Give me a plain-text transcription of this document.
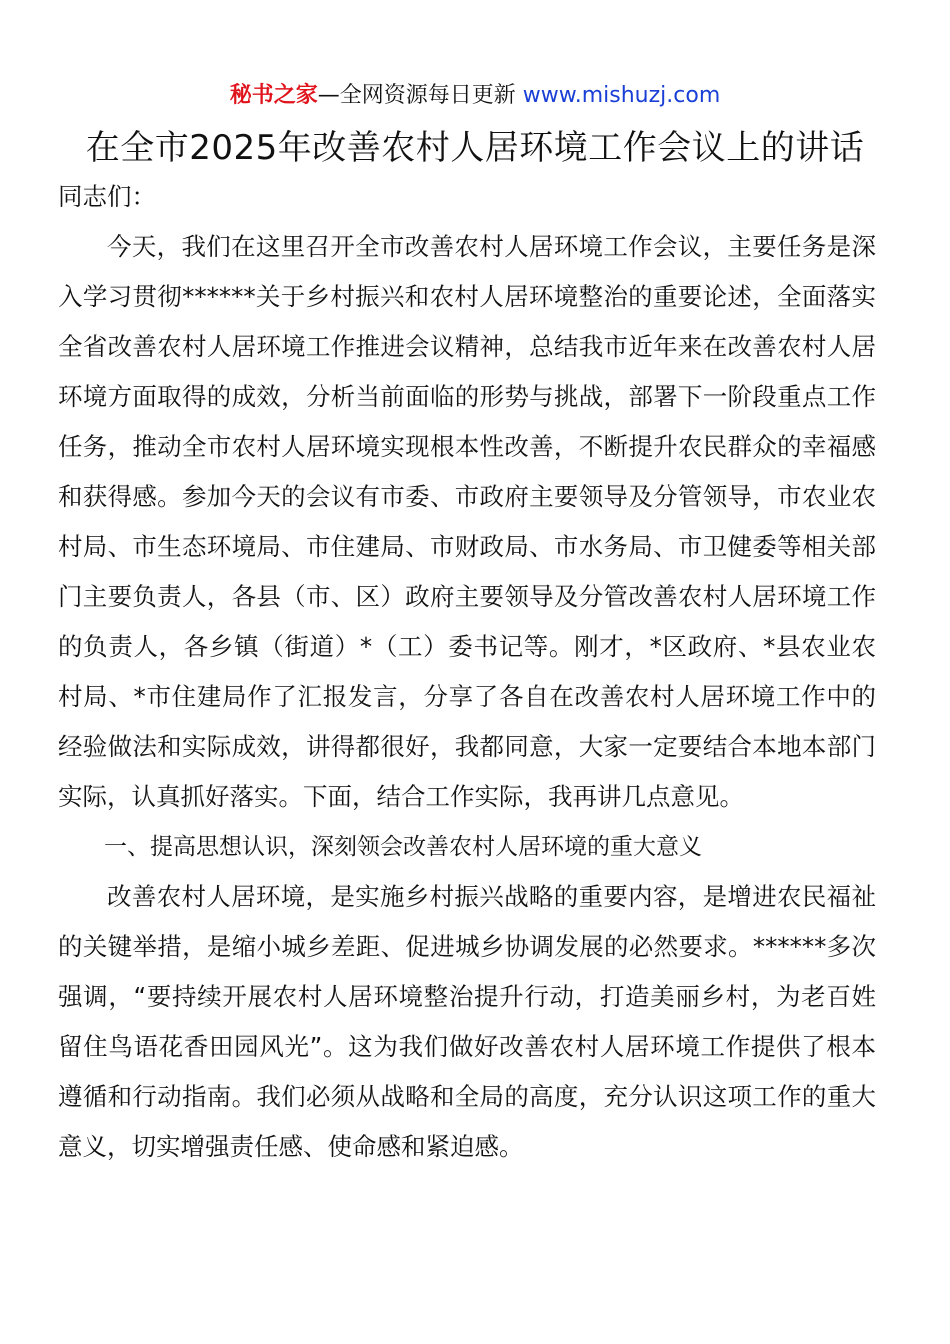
秘书之家—全网资源每日更新 www.mishuzj.com
在全市2025年改善农村人居环境工作会议上的讲话

同志们：

今天，我们在这里召开全市改善农村人居环境工作会议，主要任务是深入学习贯彻******关于乡村振兴和农村人居环境整治的重要论述，全面落实全省改善农村人居环境工作推进会议精神，总结我市近年来在改善农村人居环境方面取得的成效，分析当前面临的形势与挑战，部署下一阶段重点工作任务，推动全市农村人居环境实现根本性改善，不断提升农民群众的幸福感和获得感。参加今天的会议有市委、市政府主要领导及分管领导，市农业农村局、市生态环境局、市住建局、市财政局、市水务局、市卫健委等相关部门主要负责人，各县（市、区）政府主要领导及分管改善农村人居环境工作的负责人，各乡镇（街道）*（工）委书记等。刚才，*区政府、*县农业农村局、*市住建局作了汇报发言，分享了各自在改善农村人居环境工作中的经验做法和实际成效，讲得都很好，我都同意，大家一定要结合本地本部门实际，认真抓好落实。下面，结合工作实际，我再讲几点意见。

一、提高思想认识，深刻领会改善农村人居环境的重大意义

改善农村人居环境，是实施乡村振兴战略的重要内容，是增进农民福祉的关键举措，是缩小城乡差距、促进城乡协调发展的必然要求。******多次强调，“要持续开展农村人居环境整治提升行动，打造美丽乡村，为老百姓留住鸟语花香田园风光”。这为我们做好改善农村人居环境工作提供了根本遵循和行动指南。我们必须从战略和全局的高度，充分认识这项工作的重大意义，切实增强责任感、使命感和紧迫感。
